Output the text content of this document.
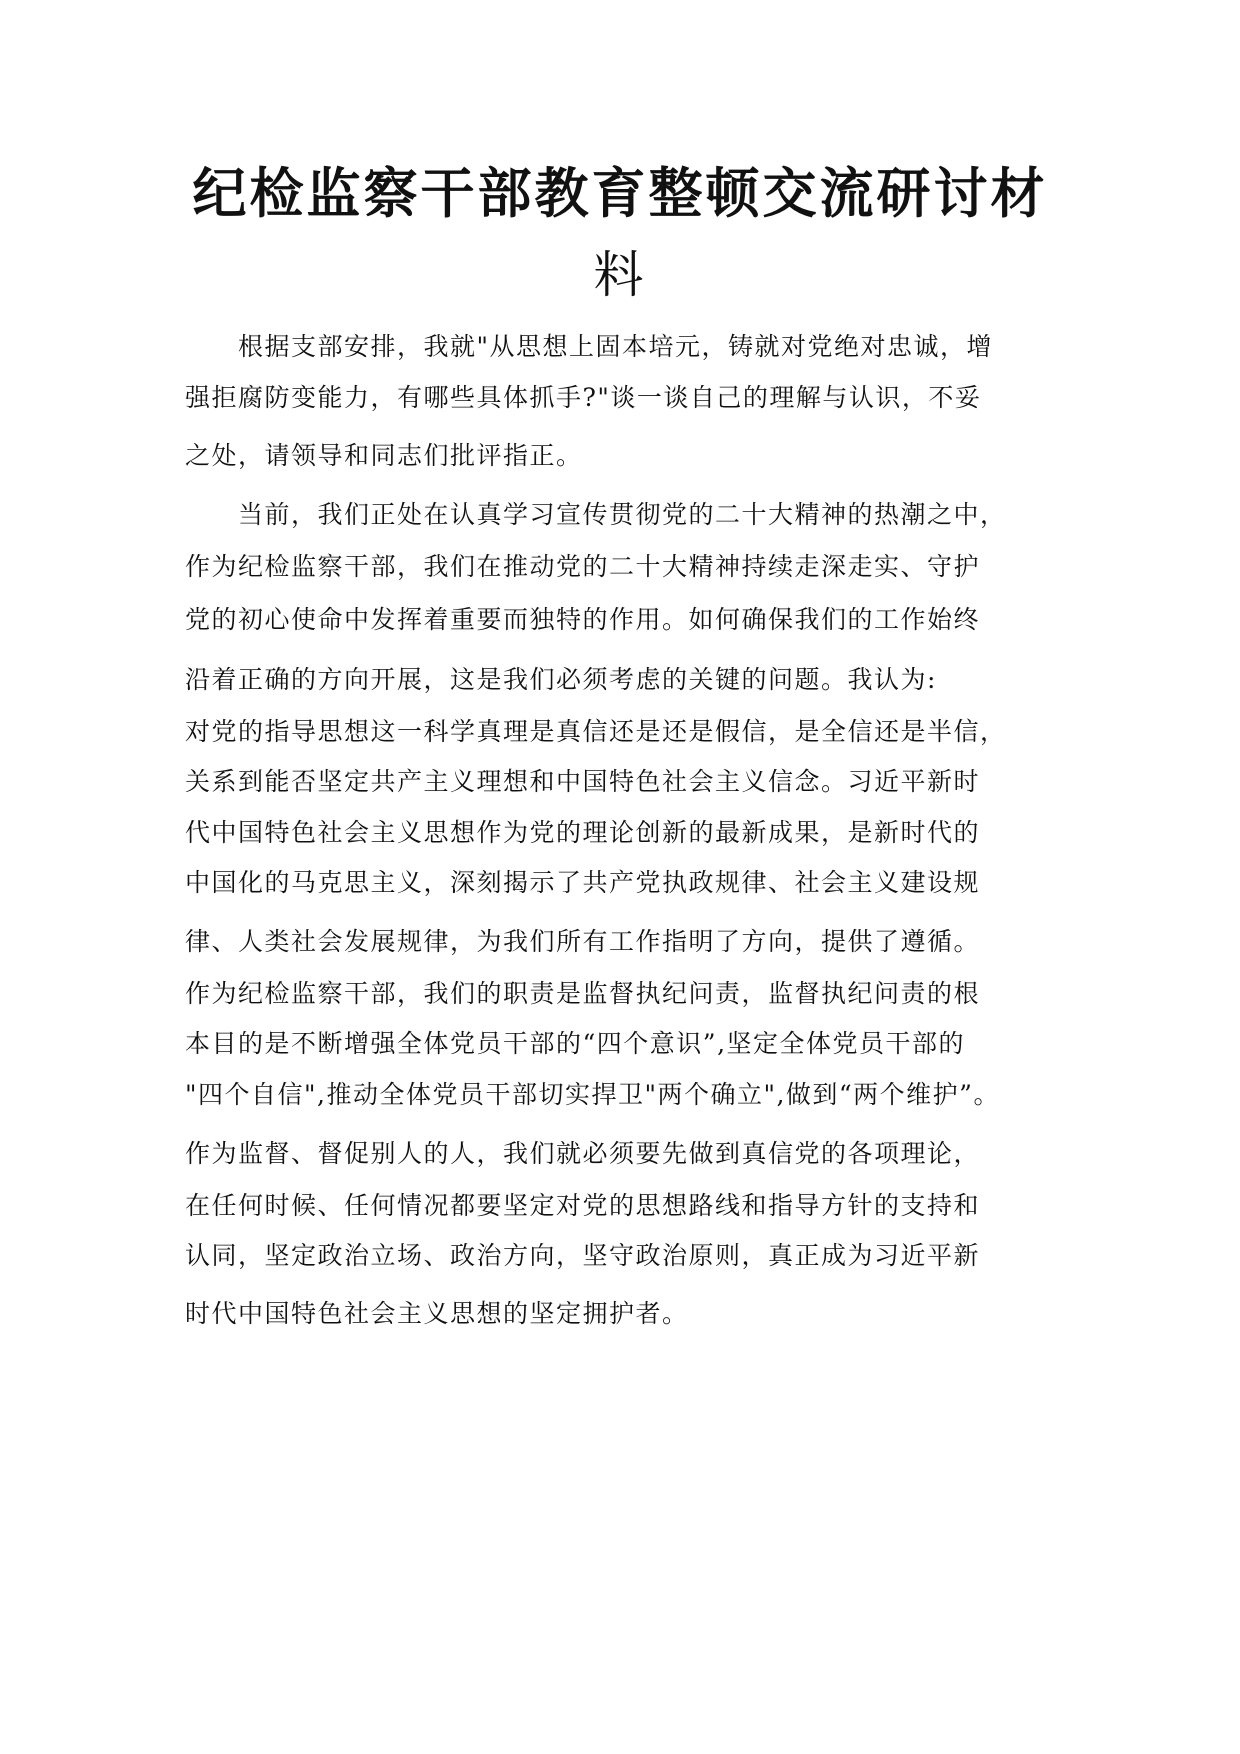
纪检监察干部教育整顿交流研讨材
料

　　根据支部安排，我就"从思想上固本培元，铸就对党绝对忠诚，增

强拒腐防变能力，有哪些具体抓手?"谈一谈自己的理解与认识，不妥

之处，请领导和同志们批评指正。

　　当前，我们正处在认真学习宣传贯彻党的二十大精神的热潮之中，

作为纪检监察干部，我们在推动党的二十大精神持续走深走实、守护

党的初心使命中发挥着重要而独特的作用。如何确保我们的工作始终

沿着正确的方向开展，这是我们必须考虑的关键的问题。我认为:

对党的指导思想这一科学真理是真信还是还是假信，是全信还是半信，

关系到能否坚定共产主义理想和中国特色社会主义信念。习近平新时

代中国特色社会主义思想作为党的理论创新的最新成果，是新时代的

中国化的马克思主义，深刻揭示了共产党执政规律、社会主义建设规

律、人类社会发展规律，为我们所有工作指明了方向，提供了遵循。

作为纪检监察干部，我们的职责是监督执纪问责，监督执纪问责的根

本目的是不断增强全体党员干部的“四个意识”,坚定全体党员干部的

"四个自信",推动全体党员干部切实捍卫"两个确立",做到“两个维护”。

作为监督、督促别人的人，我们就必须要先做到真信党的各项理论，

在任何时候、任何情况都要坚定对党的思想路线和指导方针的支持和

认同，坚定政治立场、政治方向，坚守政治原则，真正成为习近平新

时代中国特色社会主义思想的坚定拥护者。
